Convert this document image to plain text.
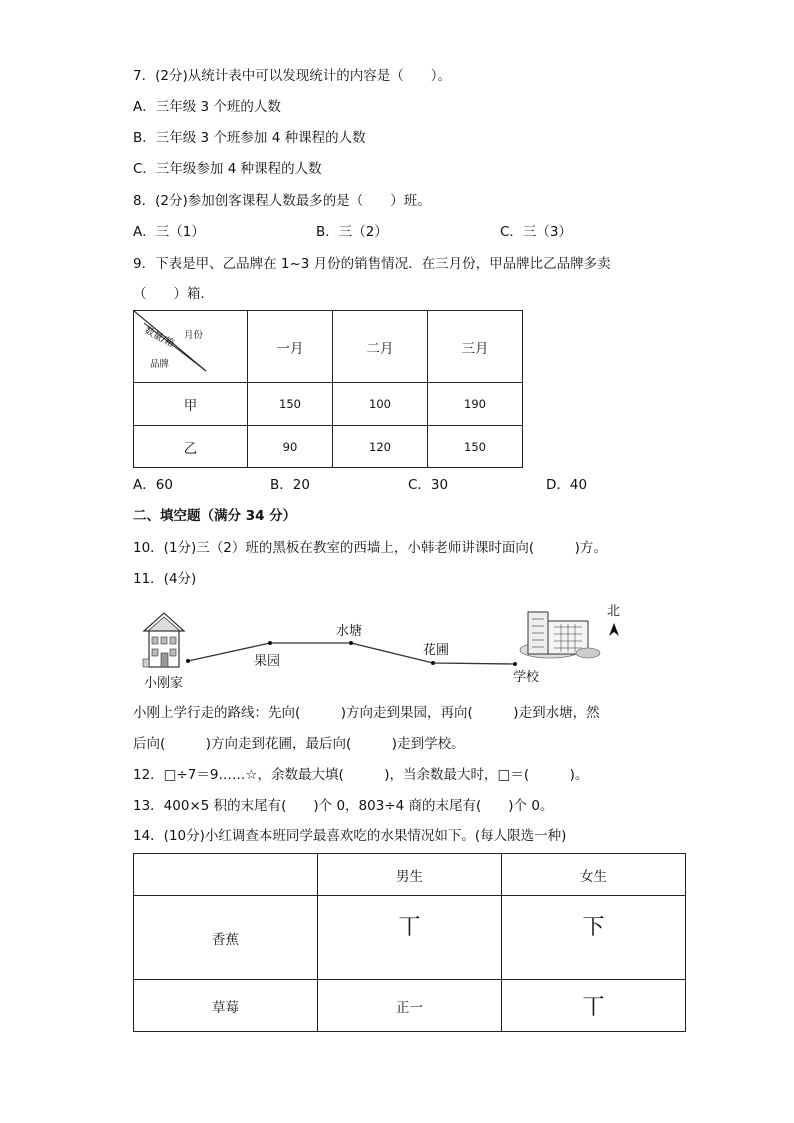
7．(2分)从统计表中可以发现统计的内容是（　　）。
A．三年级 3 个班的人数
B．三年级 3 个班参加 4 种课程的人数
C．三年级参加 4 种课程的人数
8．(2分)参加创客课程人数最多的是（　　）班。
A．三（1）	B．三（2）	C．三（3）
9．下表是甲、乙品牌在 1~3 月份的销售情况．在三月份，甲品牌比乙品牌多卖
（　　）箱．
月份
数量/箱
品牌	一月	二月	三月
甲	150	100	190
乙	90	120	150
A．60	B．20	C．30	D．40
二、填空题（满分 34 分）
10．(1分)三（2）班的黑板在教室的西墙上，小韩老师讲课时面向(　　　)方。
11．(4分)
北
小刚家
果园
水塘
花圃
学校
小刚上学行走的路线：先向(　　　)方向走到果园，再向(　　　)走到水塘，然
后向(　　　)方向走到花圃，最后向(　　　)走到学校。
12．□÷7＝9……☆，余数最大填(　　　)，当余数最大时，□＝(　　　)。
13．400×5 积的末尾有(　　)个 0，803÷4 商的末尾有(　　)个 0。
14．(10分)小红调查本班同学最喜欢吃的水果情况如下。(每人限选一种)
	男生	女生
香蕉	丅	下
草莓	正一	丅
